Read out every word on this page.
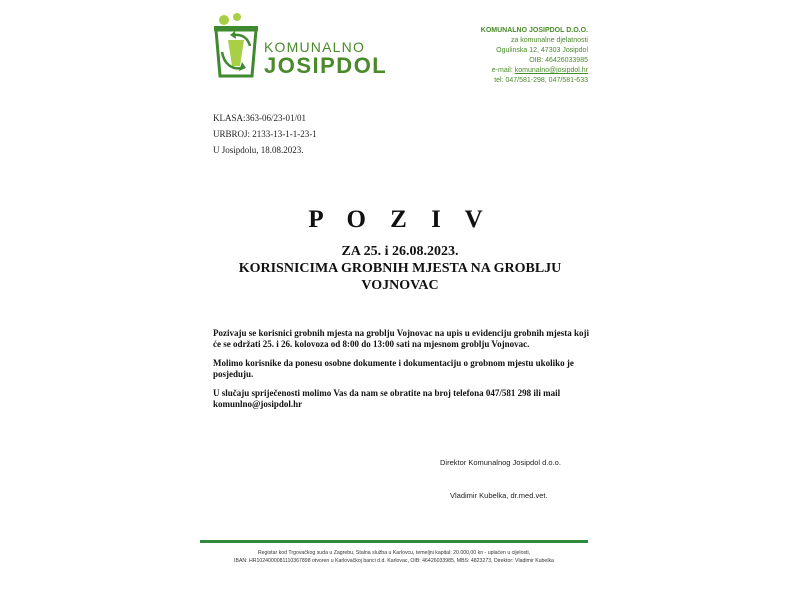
KOMUNALNO
JOSIPDOL
KOMUNALNO JOSIPDOL D.O.O.
za komunalne djelatnosti
Ogulinska 12, 47303 Josipdol
OIB: 46426033985
e-mail: komunalno@josipdol.hr
tel: 047/581-298, 047/581-633
KLASA:363-06/23-01/01
URBROJ: 2133-13-1-1-23-1
U Josipdolu, 18.08.2023.
P O Z I V
ZA 25. i 26.08.2023.
KORISNICIMA GROBNIH MJESTA NA GROBLJU
VOJNOVAC

Pozivaju se korisnici grobnih mjesta na groblju Vojnovac na upis u evidenciju grobnih mjesta koji će se održati 25. i 26. kolovoza od 8:00 do 13:00 sati na mjesnom groblju Vojnovac.

Molimo korisnike da ponesu osobne dokumente i dokumentaciju o grobnom mjestu ukoliko je posjeduju.

U slučaju spriječenosti molimo Vas da nam se obratite na broj telefona 047/581 298 ili mail komunlno@josipdol.hr

Direktor Komunalnog Josipdol d.o.o.
Vladimir Kubelka, dr.med.vet.
Registar kod Trgovačkog suda u Zagrebu, Stalna služba u Karlovcu, temeljni kapital: 20.000,00 kn - uplaćen u cijelosti,
IBAN: HR1024000081110367898 otvoren u Karlovačkoj banci d.d. Karlovac, OIB: 46426033985, MBS: 4823273, Direktor: Vladimir Kubelka
